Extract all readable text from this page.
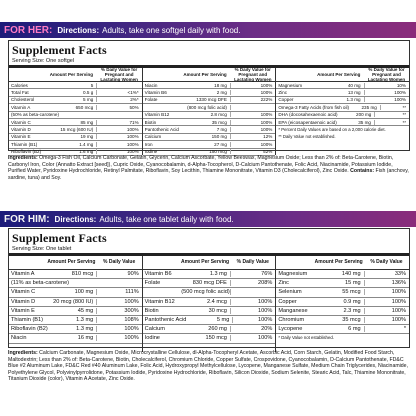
FOR HER: Directions: Adults, take one softgel daily with food.
Supplement Facts
Serving Size: One softgel
Amount Per Serving
% Daily Value for Pregnant and Lactating Women
Calories	5
Total Fat	0.5 g	<1%*
Cholesterol	5 mg	2%*
Vitamin A	650 mcg	50%
(50% as beta-carotene)
Vitamin C	85 mg	71%
Vitamin D	15 mcg (600 IU)	100%
Vitamin E	19 mg	100%
Thiamin (B1)	1.4 mg	100%
Riboflavin (B2)	1.6 mg	100%
Amount Per Serving
% Daily Value for Pregnant and Lactating Women
Niacin	18 mg	100%
Vitamin B6	2 mg	100%
Folate	1330 mcg DFE	222%
(800 mcg folic acid)
Vitamin B12	2.8 mcg	100%
Biotin	35 mcg	100%
Pantothenic Acid	7 mg	100%
Calcium	150 mg	12%
Iron	27 mg	100%
Iodine	150 mcg	52%
Amount Per Serving
% Daily Value for Pregnant and Lactating Women
Magnesium	40 mg	10%
Zinc	13 mg	100%
Copper	1.3 mg	100%
Omega-3 Fatty Acids (from fish oil)	235 mg	**
DHA (docosahexaenoic acid)	200 mg	**
EPA (eicosapentaenoic acid)	35 mg	**
* Percent Daily Values are based on a 2,000 calorie diet.
** Daily Value not established.
Ingredients: Omega-3 Fish Oil, Calcium Carbonate, Gelatin, Glycerin, Calcium Ascorbate, Yellow Beeswax, Magnesium Oxide; Less than 2% of: Beta-Carotene, Biotin, Carbonyl Iron, Color (Annatto Extract [seed]), Cupric Oxide, Cyanocobalamin, d-Alpha-Tocopherol, D-Calcium Pantothenate, Folic Acid, Niacinamide, Potassium Iodide, Purified Water, Pyridoxine Hydrochloride, Retinyl Palmitate, Riboflavin, Soy Lecithin, Thiamine Mononitrate, Vitamin D3 (Cholecalciferol), Zinc Oxide. Contains: Fish (anchovy, sardine, tuna) and Soy.
FOR HIM: Directions: Adults, take one tablet daily with food.
Supplement Facts
Serving Size: One tablet
Amount Per Serving	% Daily Value
Vitamin A	810 mcg	90%
(11% as beta-carotene)
Vitamin C	100 mg	111%
Vitamin D	20 mcg (800 IU)	100%
Vitamin E	45 mg	300%
Thiamin (B1)	1.3 mg	108%
Riboflavin (B2)	1.3 mg	100%
Niacin	16 mg	100%
Amount Per Serving	% Daily Value
Vitamin B6	1.3 mg	76%
Folate	830 mcg DFE	208%
(500 mcg folic acid)
Vitamin B12	2.4 mcg	100%
Biotin	30 mcg	100%
Pantothenic Acid	5 mg	100%
Calcium	260 mg	20%
Iodine	150 mcg	100%
Amount Per Serving	% Daily Value
Magnesium	140 mg	33%
Zinc	15 mg	136%
Selenium	55 mcg	100%
Copper	0.9 mg	100%
Manganese	2.3 mg	100%
Chromium	35 mcg	100%
Lycopene	6 mg	*
* Daily Value not established.
Ingredients: Calcium Carbonate, Magnesium Oxide, Microcrystalline Cellulose, dl-Alpha-Tocopheryl Acetate, Ascorbic Acid, Corn Starch, Gelatin, Modified Food Starch, Maltodextrin; Less than 2% of: Beta-Carotene, Biotin, Cholecalciferol, Chromium Chloride, Copper Sulfate, Crospovidone, Cyanocobalamin, D-Calcium Pantothenate, FD&C Blue #2 Aluminum Lake, FD&C Red #40 Aluminum Lake, Folic Acid, Hydroxypropyl Methylcellulose, Lycopene, Manganese Sulfate, Medium Chain Triglycerides, Niacinamide, Polyethylene Glycol, Polyvinylpyrrolidone, Potassium Iodide, Pyridoxine Hydrochloride, Riboflavin, Silicon Dioxide, Sodium Selenite, Stearic Acid, Talc, Thiamine Mononitrate, Titanium Dioxide (color), Vitamin A Acetate, Zinc Oxide.
